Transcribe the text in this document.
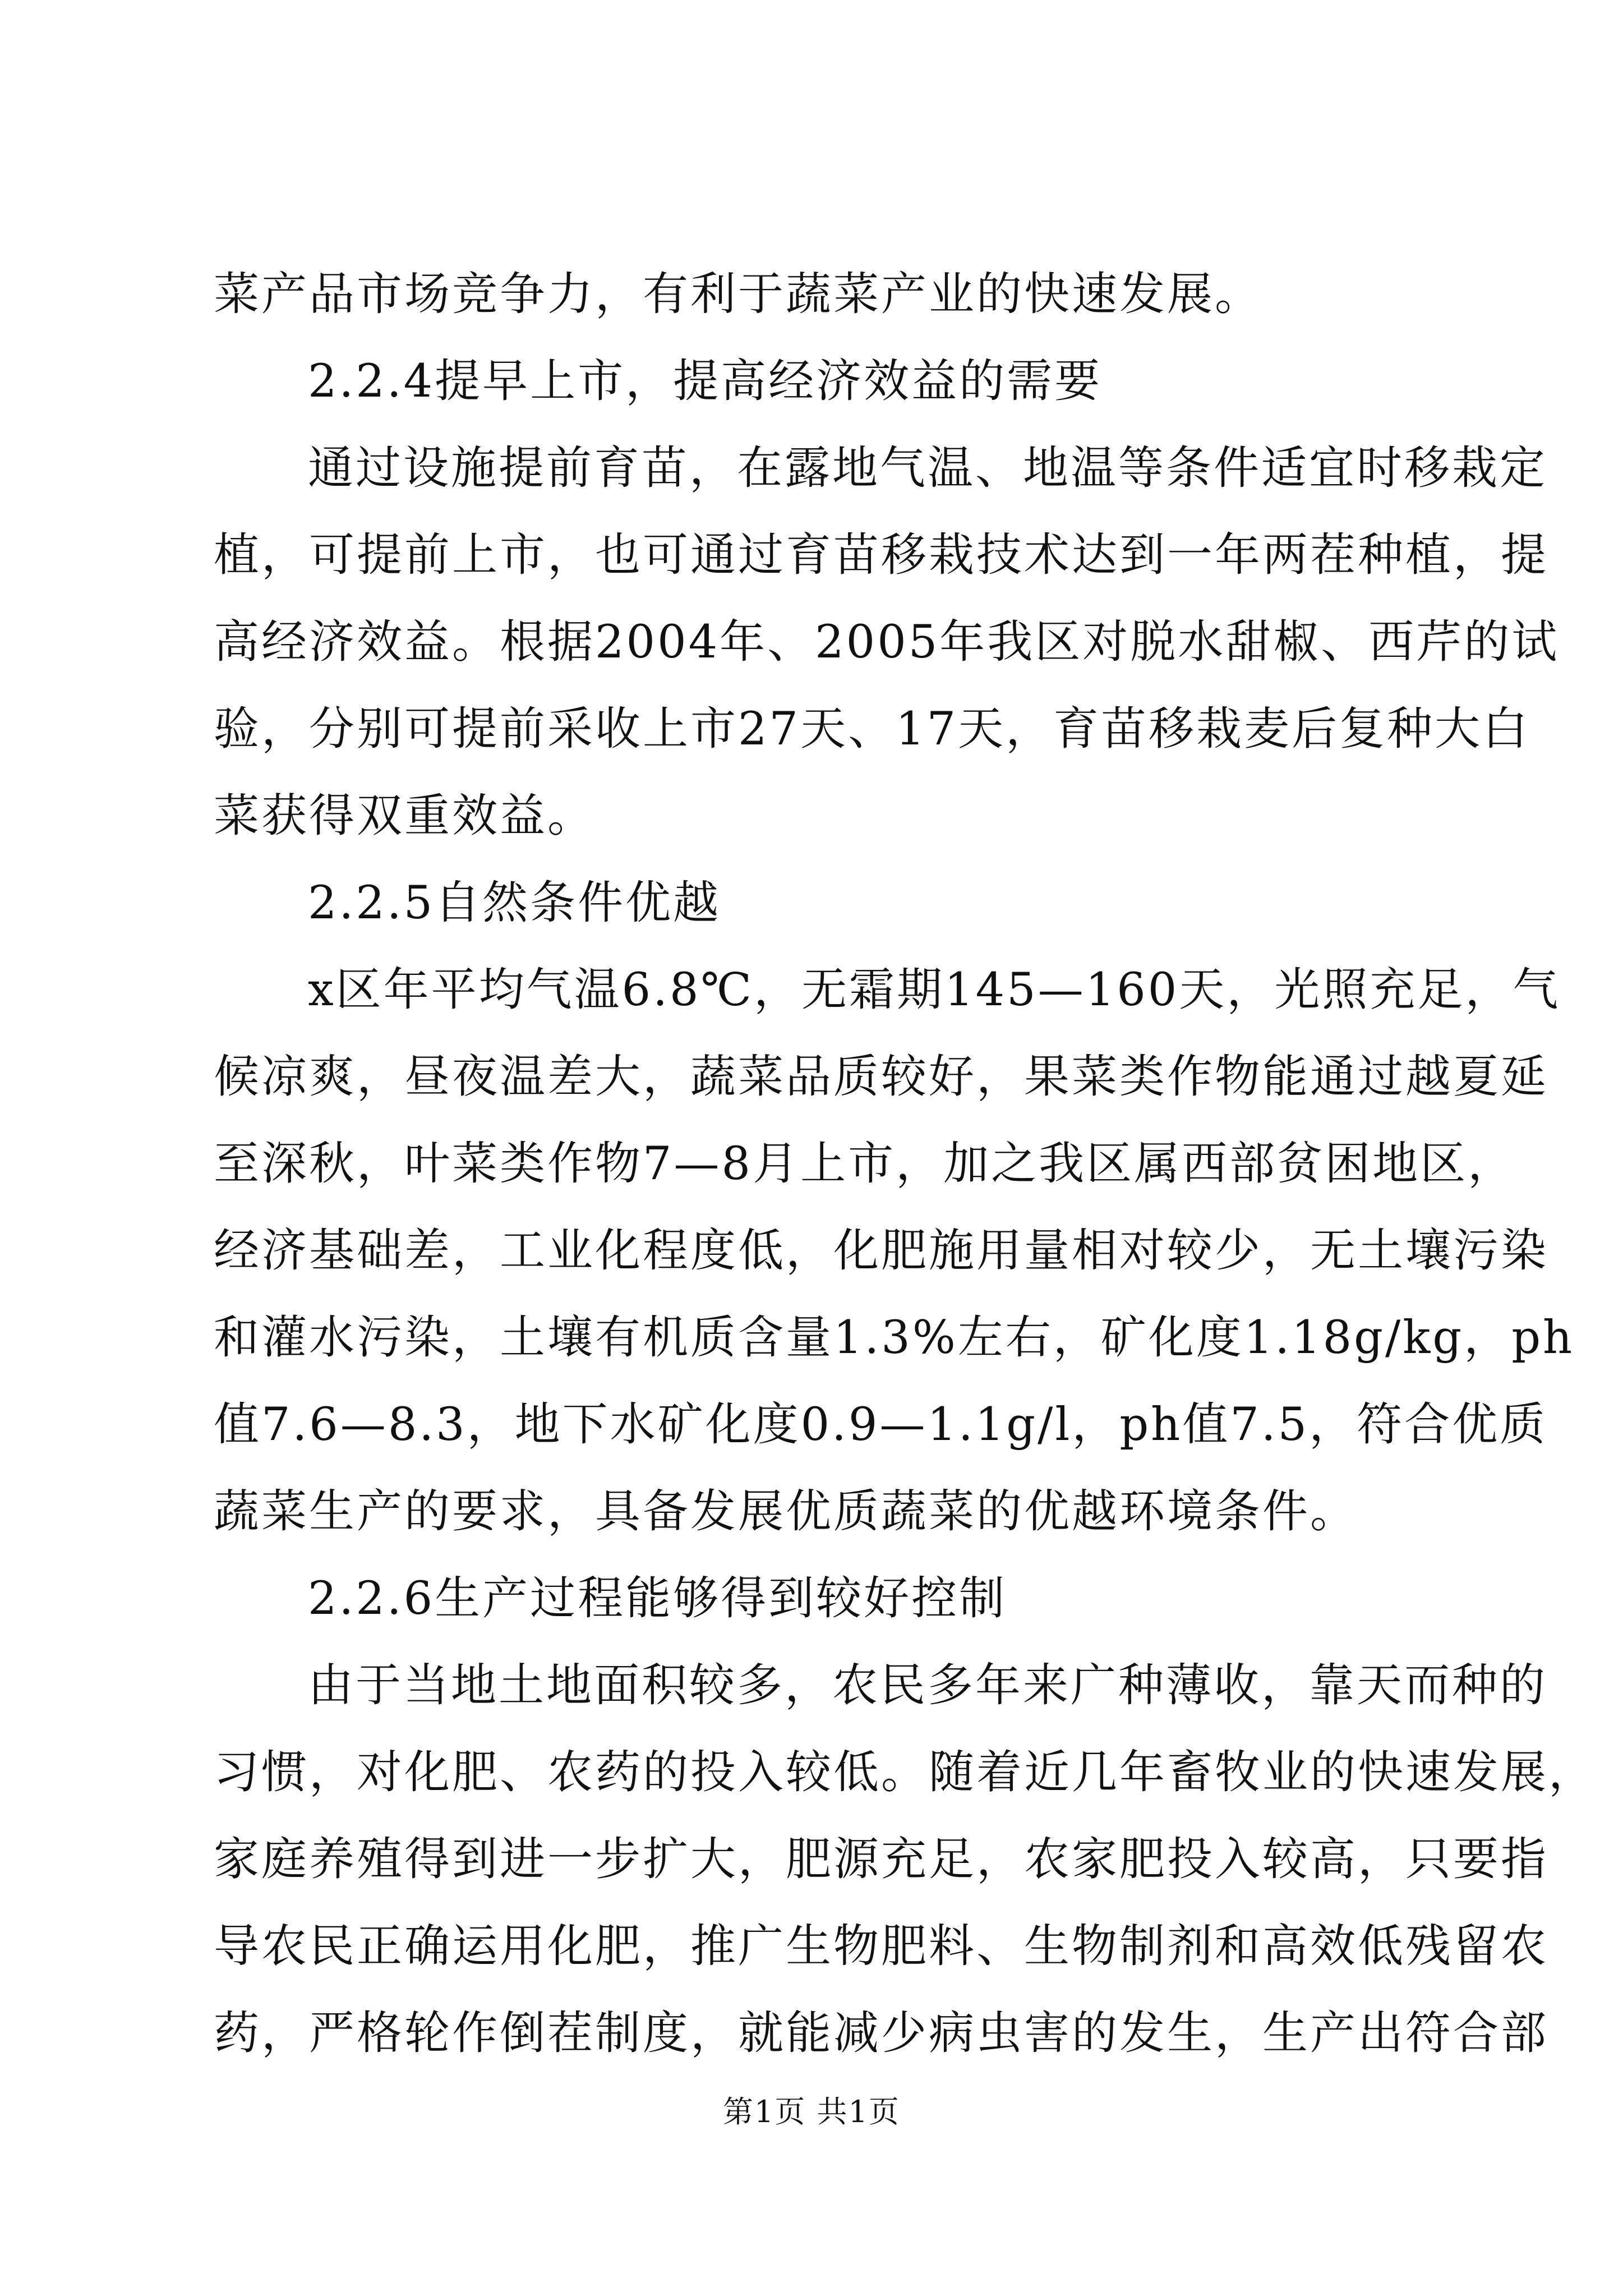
菜产品市场竞争力，有利于蔬菜产业的快速发展。
2.2.4提早上市，提高经济效益的需要
通过设施提前育苗，在露地气温、地温等条件适宜时移栽定
植，可提前上市，也可通过育苗移栽技术达到一年两茬种植，提
高经济效益。根据2004年、2005年我区对脱水甜椒、西芹的试
验，分别可提前采收上市27天、17天，育苗移栽麦后复种大白
菜获得双重效益。
2.2.5自然条件优越
x区年平均气温6.8℃，无霜期145—160天，光照充足，气
候凉爽，昼夜温差大，蔬菜品质较好，果菜类作物能通过越夏延
至深秋，叶菜类作物7—8月上市，加之我区属西部贫困地区，
经济基础差，工业化程度低，化肥施用量相对较少，无土壤污染
和灌水污染，土壤有机质含量1.3%左右，矿化度1.18g/kg，ph
值7.6—8.3，地下水矿化度0.9—1.1g/l，ph值7.5，符合优质
蔬菜生产的要求，具备发展优质蔬菜的优越环境条件。
2.2.6生产过程能够得到较好控制
由于当地土地面积较多，农民多年来广种薄收，靠天而种的
习惯，对化肥、农药的投入较低。随着近几年畜牧业的快速发展，
家庭养殖得到进一步扩大，肥源充足，农家肥投入较高，只要指
导农民正确运用化肥，推广生物肥料、生物制剂和高效低残留农
药，严格轮作倒茬制度，就能减少病虫害的发生，生产出符合部
第1页 共1页
